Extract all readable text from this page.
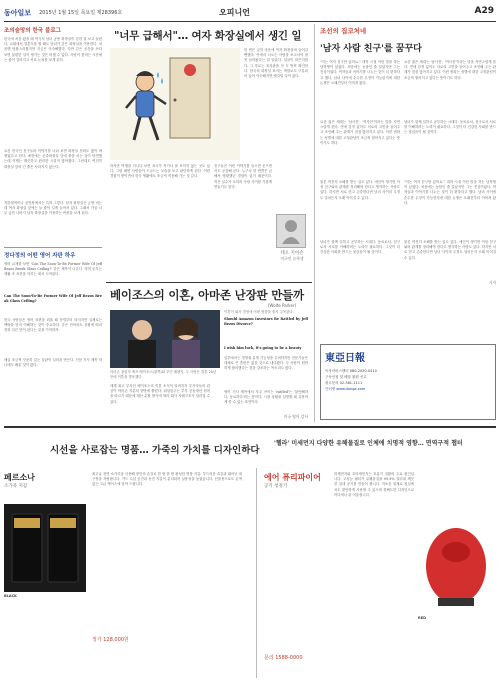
동아일보 2015년 1월 15일 목요일 제28396호	오피니언	A29
조의술망의 한국 블로그
한국에 처음 왔을 때 여기서 남녀 공용 화장실이 흔한 걸 보고 놀랐다. 교회에서 결혼식을 할 때도 남녀가 같은 화장실을 이용한다. 처음엔 당황스러웠지만 지금은 익숙해졌다. 다만 같은 공간을 쓰다 보면 불편한 일이 생기는 것은 어쩔 수 없다. 사람이 붐비는 시간에는 줄이 길어지고 서로 눈치를 보게 된다.
요즘 한국인 친구들과 이야기를 나눠 보면 화장실 문화도 많이 바뀌었다고 한다. 예전에는 공중화장실 앞에 줄을 서는 것이 당연했는데 이제는 깨끗하고 편리한 시설이 많아졌다. 그런데도 여전히 화장실 앞의 긴 줄은 사라지지 않는다.
지하철역이나 공연장에서는 특히 그렇다. 남자 화장실은 금방 비는데 여자 화장실 앞에는 늘 줄이 길게 늘어서 있다. 그래서 가끔 너무 급한 나머지 남자 화장실을 이용하는 여성을 보게 된다.
정다정의 어떤 영어 자판 하우
영어 교재를 보면 'Can The Soon-To-Be Former Wife Of Jeff Bezos Break Glass Ceiling?' 같은 제목이 나온다. 영어 공부는 생활 속 표현을 익히는 데서 시작된다.
Can The Soon-To-Be Former Wife Of Jeff Bezos Break Glass Ceiling?
한국 사람들은 영어 표현을 외울 때 문법부터 따지지만 실제로는 맥락을 먼저 이해하는 것이 중요하다. 같은 단어라도 상황에 따라 전혀 다른 뜻이 된다는 것을 기억하자.
매일 조금씩 꾸준히 읽는 습관이 실력을 만든다. 신문 기사 제목 하나에도 배울 것이 많다.
"너무 급해서"… 여자 화장실에서 생긴 일
한 번은 급한 마음에 여자 화장실에 들어갈 뻔했다. 안에서 나오는 사람을 보고서야 잘못 들어왔다는 걸 알았다. 얼굴이 화끈거렸다. 그 후로는 표지판을 꼭 두 번씩 확인한다. 한국의 화장실 표지는 색깔로도 구분되어 있어 익숙해지면 헷갈릴 일이 없다.
하지만 여행을 다니다 보면 표시가 작거나 잘 보이지 않는 곳도 있다. 그럴 때면 사람들이 드나드는 모습을 보고 판단하게 된다. 이런 경험이 쌓이면서 한국 생활에도 조금씩 적응해 가는 것 같다.
친구들은 이런 이야기를 들으면 웃으면서도 공감해 준다. 누구나 한 번쯤은 급해서 당황했던 경험이 있기 때문이다. 작은 실수가 오히려 사람 사이를 가깝게 만들기도 한다.
테오 지어슨
미국인 유학생
베이조스의 이혼, 아마존 난장판 만들까
(Wolfe Parker)
아마존 창업자 제프 베이조스(왼쪽)와 부인 매켄지. 두 사람은 결혼 25년 만에 이혼을 발표했다.
이혼이 회사 경영에 어떤 영향을 줄지 주목된다.
Should Amazon Investors Be Rattled by Jeff Bezos Divorce?
세계 최고 부자인 베이조스의 이혼 소식이 알려지자 투자자들의 관심이 아마존 지분의 향방에 쏠렸다. 워싱턴주는 부부 공동재산 원칙을 따르기 때문에 재산 분할 방식에 따라 회사 지배구조가 달라질 수 있다.
I wish him luck, it's going to be a beauty
일부에서는 경영권 분쟁 가능성을 우려하지만 전문가들은 대체로 큰 혼란은 없을 것으로 내다봤다. 두 사람이 원만하게 합의했다는 점을 강조하는 목소리도 많다.
영어 기사 제목에서 자주 쓰이는 'rattled'는 '불안해하다, 동요하다'라는 뜻이다. 시장 상황을 설명할 때 유용하게 쓸 수 있는 표현이다.
미국 영어 강사
조선의 집코처네
'남자 사람 친구'를 꿈꾸다
"저는 여자 친구만 있어요." 대학 시절 이런 말을 하는 남학생이 있었다. 처음에는 농담인 줄 알았지만 그는 진심이었다. 여자들과 이야기를 나누는 것이 더 편하다고 했다. 남녀 사이에 순수한 우정이 가능한지에 대한 논쟁은 오래전부터 이어져 왔다.
요즘 젊은 세대는 '남사친', '여사친'이라는 말을 자연스럽게 쓴다. 연애 감정 없이도 서로의 고민을 들어주고 조언해 주는 관계가 점점 많아지고 있다. 이런 변화는 성별에 대한 고정관념이 조금씩 옅어지고 있다는 뜻이기도 하다.
물론 여전히 오해를 받는 일도 있다. 애인이 생기면 이성 친구와의 관계를 정리해야 한다고 생각하는 사람도 있다. 하지만 서로 믿고 존중한다면 남녀 사이의 우정도 얼마든지 오래 이어질 수 있다.
남녀가 함께 일하고 공부하는 시대다. 동료로서, 친구로서 서로를 이해하려는 노력이 필요하다. 그것이 더 건강한 사회를 만드는 첫걸음이 될 것이다.
요즘 젊은 세대는 '남사친', '여사친'이라는 말을 자연스럽게 쓴다. 연애 감정 없이도 서로의 고민을 들어주고 조언해 주는 관계가 점점 많아지고 있다. 이런 변화는 성별에 대한 고정관념이 조금씩 옅어지고 있다는 뜻이기도 하다.
남녀가 함께 일하고 공부하는 시대다. 동료로서, 친구로서 서로를 이해하려는 노력이 필요하다. 그것이 더 건강한 사회를 만드는 첫걸음이 될 것이다.
"저는 여자 친구만 있어요." 대학 시절 이런 말을 하는 남학생이 있었다. 처음에는 농담인 줄 알았지만 그는 진심이었다. 여자들과 이야기를 나누는 것이 더 편하다고 했다. 남녀 사이에 순수한 우정이 가능한지에 대한 논쟁은 오래전부터 이어져 왔다.
물론 여전히 오해를 받는 일도 있다. 애인이 생기면 이성 친구와의 관계를 정리해야 한다고 생각하는 사람도 있다. 하지만 서로 믿고 존중한다면 남녀 사이의 우정도 얼마든지 오래 이어질 수 있다.
기자
東亞日報
독자서비스센터 080-2020-0410
구독신청 및 배달 불편 신고
광고문의 02-361-1111
인터넷 www.donga.com
시선을 사로잡는 명품… 가죽의 가치를 디자인하다
'헬라' 미세먼지 다양한 유해물질로 인체에 치명적 영향… 면역구적 챕터
페르소나
소가죽 지갑
BLACK
최고급 천연 소가죽을 사용해 장인의 손길로 한 땀 한 땀 완성한 명품 지갑. 부드러운 촉감과 뛰어난 내구성을 자랑합니다. 카드 수납 공간과 동전 지갑이 분리되어 실용성을 높였습니다. 선물용으로도 손색없는 고급 케이스에 담아 드립니다.
정가 128,000원
에어 퓨리파이어
공기 청정기
미세먼지와 초미세먼지는 호흡기 질환의 주요 원인입니다. 고성능 필터가 유해물질을 99.9% 걸러내 깨끗한 실내 공기를 만들어 줍니다. 저소음 설계로 침실에서도 편안하게 사용할 수 있으며 컴팩트한 디자인으로 어디에나 잘 어울립니다.
RED
문의 1588-0000
